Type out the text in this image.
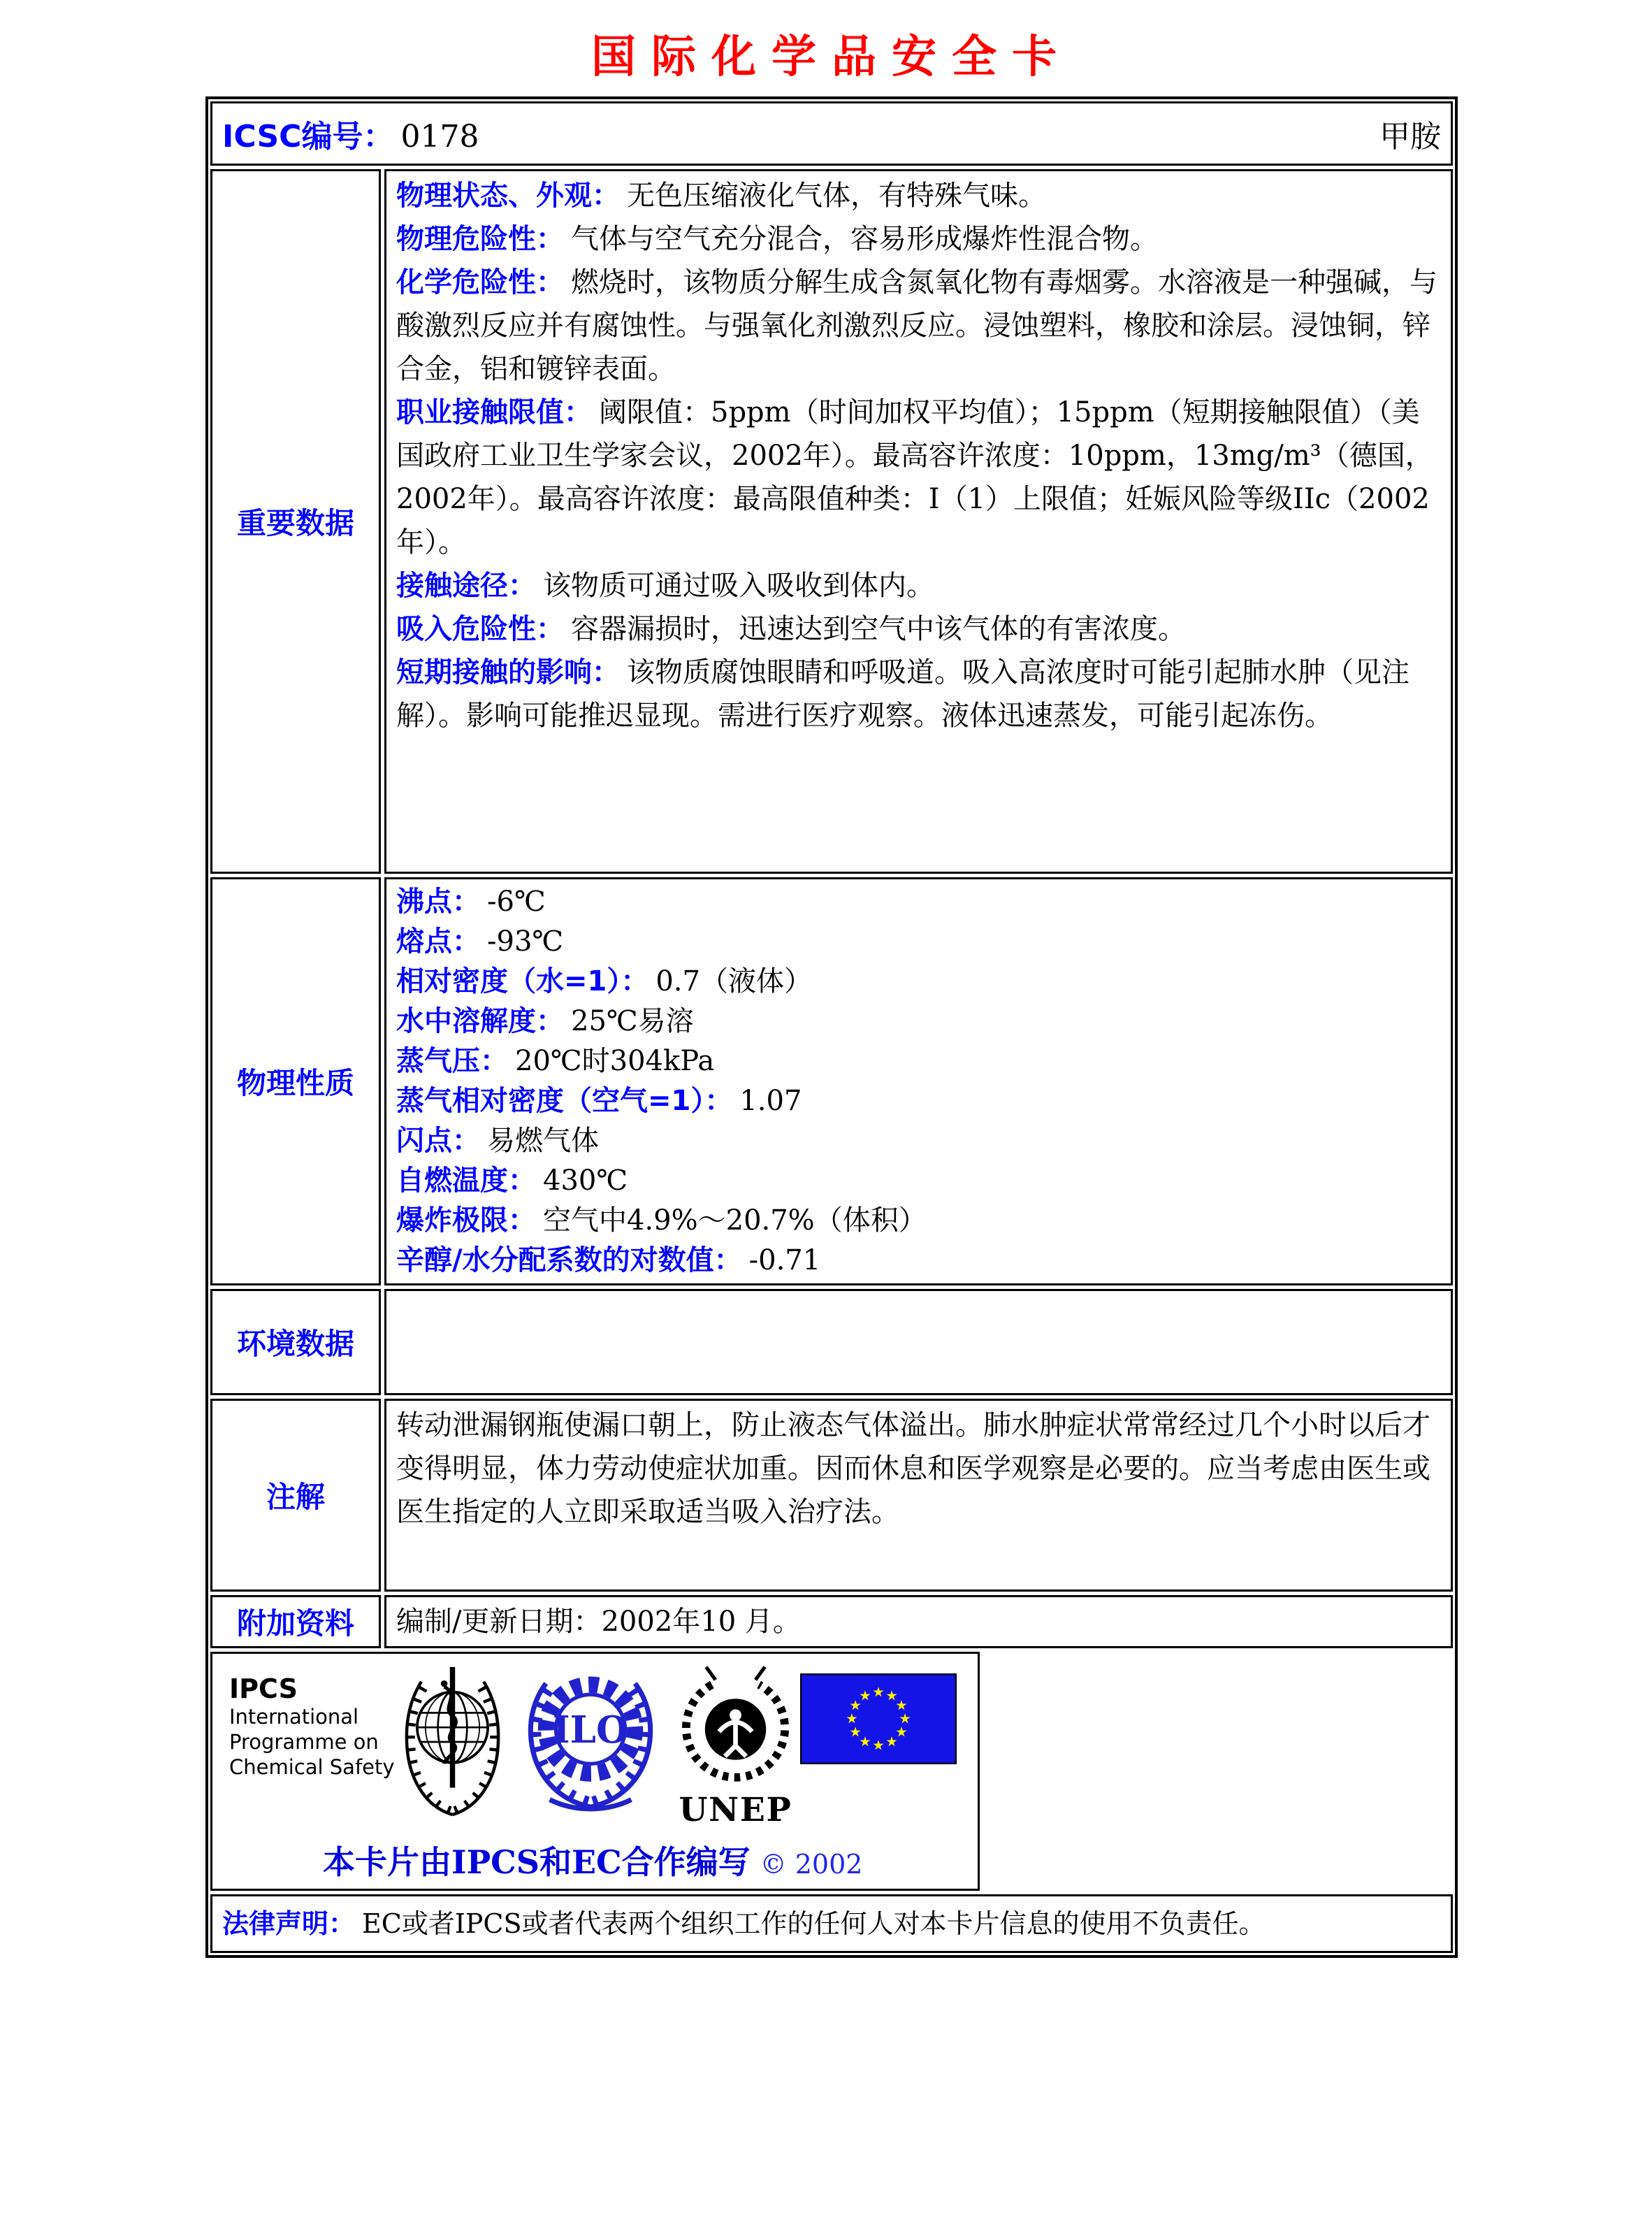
国际化学品安全卡
ICSC编号： 0178	甲胺
重要数据
物理状态、外观： 无色压缩液化气体，有特殊气味。
物理危险性： 气体与空气充分混合，容易形成爆炸性混合物。
化学危险性： 燃烧时，该物质分解生成含氮氧化物有毒烟雾。水溶液是一种强碱，与酸激烈反应并有腐蚀性。与强氧化剂激烈反应。浸蚀塑料，橡胶和涂层。浸蚀铜，锌合金，铝和镀锌表面。
职业接触限值： 阈限值：5ppm（时间加权平均值）；15ppm（短期接触限值）（美国政府工业卫生学家会议，2002年）。最高容许浓度：10ppm，13mg/m³（德国，2002年）。最高容许浓度：最高限值种类：I（1）上限值；妊娠风险等级IIc（2002年）。
接触途径： 该物质可通过吸入吸收到体内。
吸入危险性： 容器漏损时，迅速达到空气中该气体的有害浓度。
短期接触的影响： 该物质腐蚀眼睛和呼吸道。吸入高浓度时可能引起肺水肿（见注解）。影响可能推迟显现。需进行医疗观察。液体迅速蒸发，可能引起冻伤。
物理性质
沸点： -6℃
熔点： -93℃
相对密度（水=1）： 0.7（液体）
水中溶解度： 25℃易溶
蒸气压： 20℃时304kPa
蒸气相对密度（空气=1）： 1.07
闪点： 易燃气体
自燃温度： 430℃
爆炸极限： 空气中4.9%～20.7%（体积）
辛醇/水分配系数的对数值： -0.71
环境数据
注解
转动泄漏钢瓶使漏口朝上，防止液态气体溢出。肺水肿症状常常经过几个小时以后才变得明显，体力劳动使症状加重。因而休息和医学观察是必要的。应当考虑由医生或医生指定的人立即采取适当吸入治疗法。
附加资料	编制/更新日期：2002年10 月。
IPCS
International
Programme on
Chemical Safety
ILO
UNEP
本卡片由IPCS和EC合作编写 © 2002
法律声明： EC或者IPCS或者代表两个组织工作的任何人对本卡片信息的使用不负责任。
